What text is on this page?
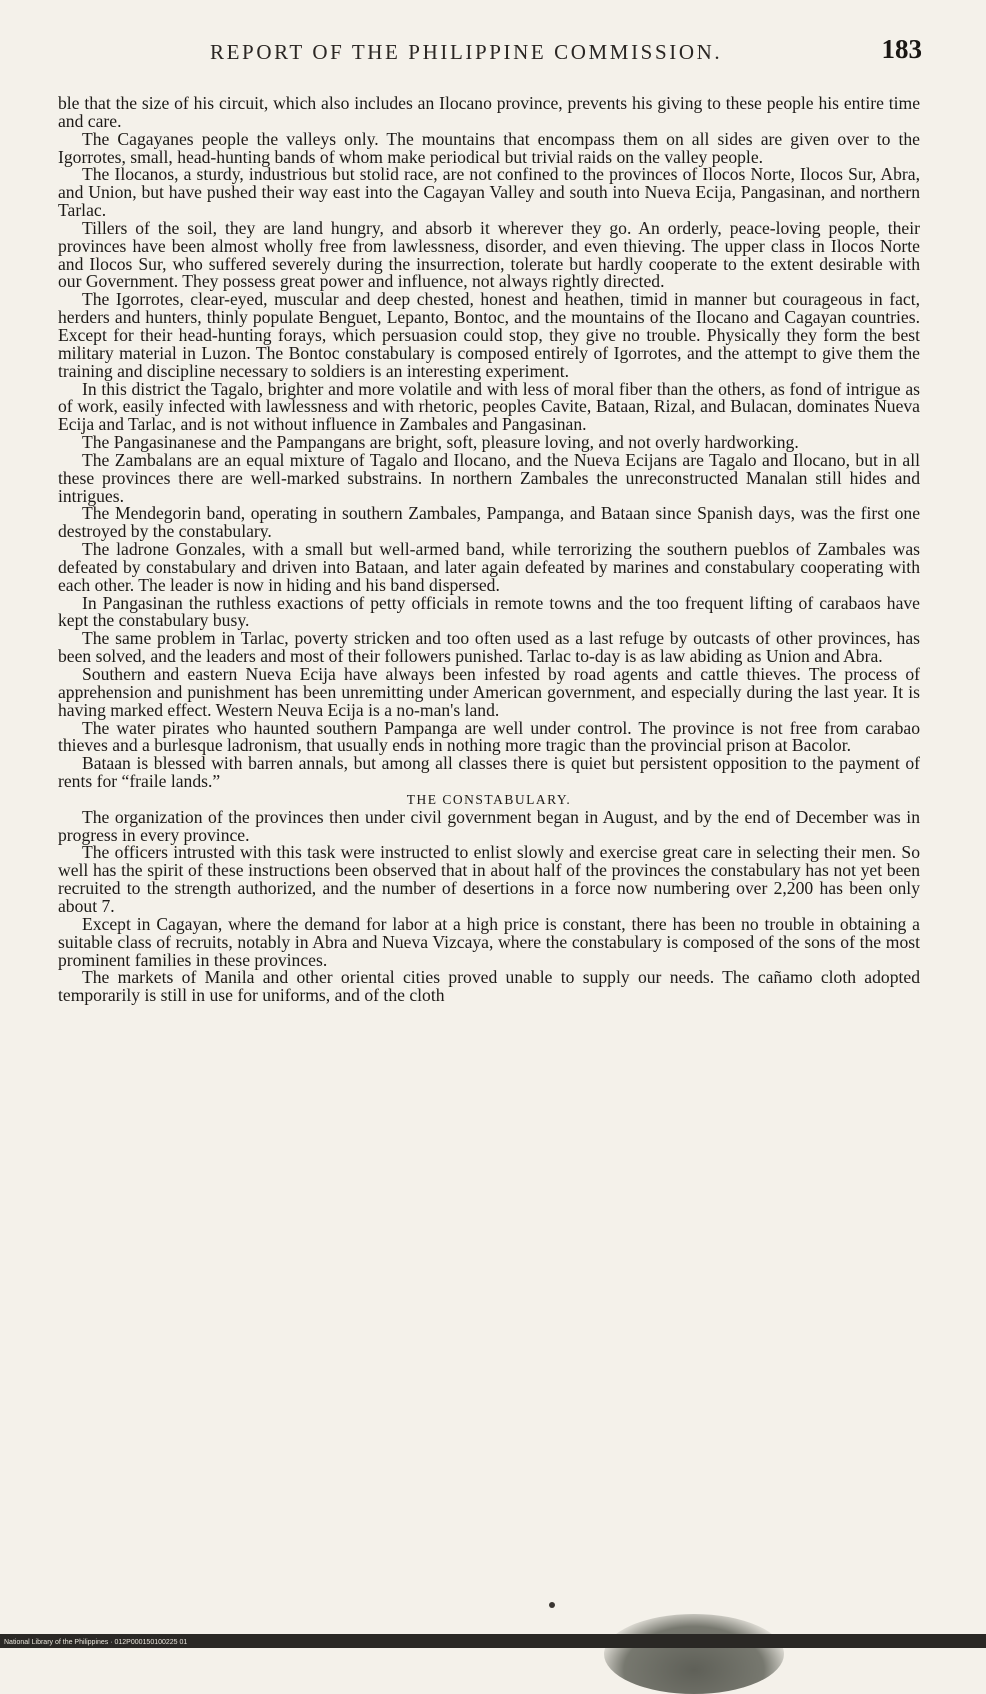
REPORT OF THE PHILIPPINE COMMISSION.	183

ble that the size of his circuit, which also includes an Ilocano province, prevents his giving to these people his entire time and care.

The Cagayanes people the valleys only. The mountains that encompass them on all sides are given over to the Igorrotes, small, head-hunting bands of whom make periodical but trivial raids on the valley people.

The Ilocanos, a sturdy, industrious but stolid race, are not confined to the provinces of Ilocos Norte, Ilocos Sur, Abra, and Union, but have pushed their way east into the Cagayan Valley and south into Nueva Ecija, Pangasinan, and northern Tarlac.

Tillers of the soil, they are land hungry, and absorb it wherever they go. An orderly, peace-loving people, their provinces have been almost wholly free from lawlessness, disorder, and even thieving. The upper class in Ilocos Norte and Ilocos Sur, who suffered severely during the insurrection, tolerate but hardly cooperate to the extent desirable with our Government. They possess great power and influence, not always rightly directed.

The Igorrotes, clear-eyed, muscular and deep chested, honest and heathen, timid in manner but courageous in fact, herders and hunters, thinly populate Benguet, Lepanto, Bontoc, and the mountains of the Ilocano and Cagayan countries. Except for their head-hunting forays, which persuasion could stop, they give no trouble. Physically they form the best military material in Luzon. The Bontoc constabulary is composed entirely of Igorrotes, and the attempt to give them the training and discipline necessary to soldiers is an interesting experiment.

In this district the Tagalo, brighter and more volatile and with less of moral fiber than the others, as fond of intrigue as of work, easily infected with lawlessness and with rhetoric, peoples Cavite, Bataan, Rizal, and Bulacan, dominates Nueva Ecija and Tarlac, and is not without influence in Zambales and Pangasinan.

The Pangasinanese and the Pampangans are bright, soft, pleasure loving, and not overly hardworking.

The Zambalans are an equal mixture of Tagalo and Ilocano, and the Nueva Ecijans are Tagalo and Ilocano, but in all these provinces there are well-marked substrains. In northern Zambales the unreconstructed Manalan still hides and intrigues.

The Mendegorin band, operating in southern Zambales, Pampanga, and Bataan since Spanish days, was the first one destroyed by the constabulary.

The ladrone Gonzales, with a small but well-armed band, while terrorizing the southern pueblos of Zambales was defeated by constabulary and driven into Bataan, and later again defeated by marines and constabulary cooperating with each other. The leader is now in hiding and his band dispersed.

In Pangasinan the ruthless exactions of petty officials in remote towns and the too frequent lifting of carabaos have kept the constabulary busy.

The same problem in Tarlac, poverty stricken and too often used as a last refuge by outcasts of other provinces, has been solved, and the leaders and most of their followers punished. Tarlac to-day is as law abiding as Union and Abra.

Southern and eastern Nueva Ecija have always been infested by road agents and cattle thieves. The process of apprehension and punishment has been unremitting under American government, and especially during the last year. It is having marked effect. Western Neuva Ecija is a no-man's land.

The water pirates who haunted southern Pampanga are well under control. The province is not free from carabao thieves and a burlesque ladronism, that usually ends in nothing more tragic than the provincial prison at Bacolor.

Bataan is blessed with barren annals, but among all classes there is quiet but persistent opposition to the payment of rents for “fraile lands.”

THE CONSTABULARY.

The organization of the provinces then under civil government began in August, and by the end of December was in progress in every province.

The officers intrusted with this task were instructed to enlist slowly and exercise great care in selecting their men. So well has the spirit of these instructions been observed that in about half of the provinces the constabulary has not yet been recruited to the strength authorized, and the number of desertions in a force now numbering over 2,200 has been only about 7.

Except in Cagayan, where the demand for labor at a high price is constant, there has been no trouble in obtaining a suitable class of recruits, notably in Abra and Nueva Vizcaya, where the constabulary is composed of the sons of the most prominent families in these provinces.

The markets of Manila and other oriental cities proved unable to supply our needs. The cañamo cloth adopted temporarily is still in use for uniforms, and of the cloth

National Library of the Philippines · 012P000150100225 01
